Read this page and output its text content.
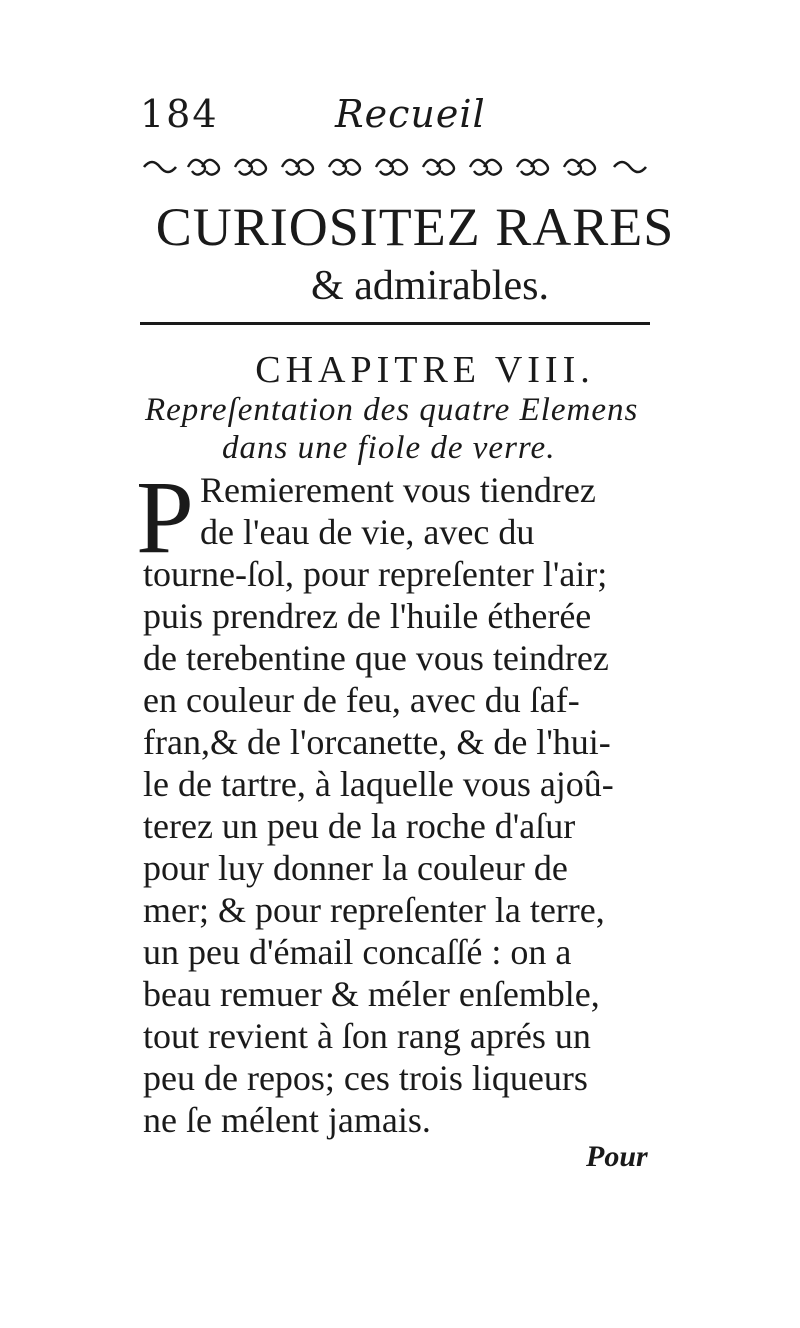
184	Recueil
CURIOSITEZ RARES
& admirables.
CHAPITRE VIII.
Repreſentation des quatre Elemens
dans une fiole de verre.
P Remierement vous tiendrez
de l'eau de vie, avec du
tourne-ſol, pour repreſenter l'air;
puis prendrez de l'huile étherée
de terebentine que vous teindrez
en couleur de feu, avec du ſaf-
fran,& de l'orcanette, & de l'hui-
le de tartre, à laquelle vous ajoû-
terez un peu de la roche d'aſur
pour luy donner la couleur de
mer; & pour repreſenter la terre,
un peu d'émail concaſſé : on a
beau remuer & méler enſemble,
tout revient à ſon rang aprés un
peu de repos; ces trois liqueurs
ne ſe mélent jamais.
Pour
